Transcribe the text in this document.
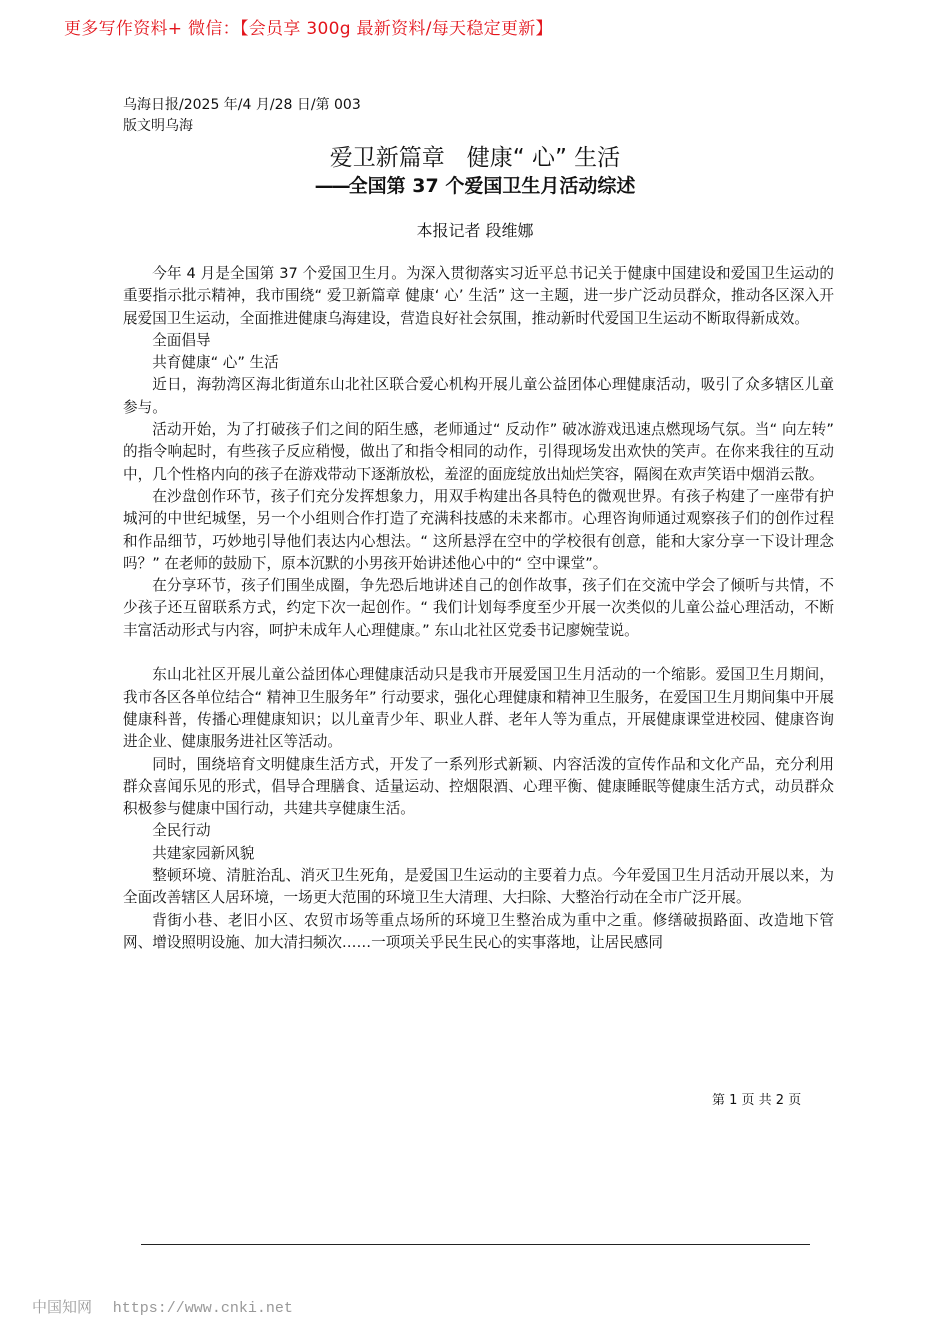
更多写作资料+ 微信：【会员享 300g 最新资料/每天稳定更新】
乌海日报/2025 年/4 月/28 日/第 003
版文明乌海
爱卫新篇章   健康“ 心” 生活
——全国第 37 个爱国卫生月活动综述
本报记者 段维娜

今年 4 月是全国第 37 个爱国卫生月。为深入贯彻落实习近平总书记关于健康中国建设和爱国卫生运动的重要指示批示精神，我市围绕“ 爱卫新篇章 健康‘ 心’ 生活” 这一主题，进一步广泛动员群众，推动各区深入开展爱国卫生运动，全面推进健康乌海建设，营造良好社会氛围，推动新时代爱国卫生运动不断取得新成效。

全面倡导

共育健康“ 心” 生活

近日，海勃湾区海北街道东山北社区联合爱心机构开展儿童公益团体心理健康活动，吸引了众多辖区儿童参与。

活动开始，为了打破孩子们之间的陌生感，老师通过“ 反动作” 破冰游戏迅速点燃现场气氛。当“ 向左转” 的指令响起时，有些孩子反应稍慢，做出了和指令相同的动作，引得现场发出欢快的笑声。在你来我往的互动中，几个性格内向的孩子在游戏带动下逐渐放松，羞涩的面庞绽放出灿烂笑容，隔阂在欢声笑语中烟消云散。

在沙盘创作环节，孩子们充分发挥想象力，用双手构建出各具特色的微观世界。有孩子构建了一座带有护城河的中世纪城堡，另一个小组则合作打造了充满科技感的未来都市。心理咨询师通过观察孩子们的创作过程和作品细节，巧妙地引导他们表达内心想法。“ 这所悬浮在空中的学校很有创意，能和大家分享一下设计理念吗？” 在老师的鼓励下，原本沉默的小男孩开始讲述他心中的“ 空中课堂”。

在分享环节，孩子们围坐成圈，争先恐后地讲述自己的创作故事，孩子们在交流中学会了倾听与共情，不少孩子还互留联系方式，约定下次一起创作。“ 我们计划每季度至少开展一次类似的儿童公益心理活动，不断丰富活动形式与内容，呵护未成年人心理健康。” 东山北社区党委书记廖婉莹说。

东山北社区开展儿童公益团体心理健康活动只是我市开展爱国卫生月活动的一个缩影。爱国卫生月期间，我市各区各单位结合“ 精神卫生服务年” 行动要求，强化心理健康和精神卫生服务，在爱国卫生月期间集中开展健康科普，传播心理健康知识；以儿童青少年、职业人群、老年人等为重点，开展健康课堂进校园、健康咨询进企业、健康服务进社区等活动。

同时，围绕培育文明健康生活方式，开发了一系列形式新颖、内容活泼的宣传作品和文化产品，充分利用群众喜闻乐见的形式，倡导合理膳食、适量运动、控烟限酒、心理平衡、健康睡眠等健康生活方式，动员群众积极参与健康中国行动，共建共享健康生活。

全民行动

共建家园新风貌

整顿环境、清脏治乱、消灭卫生死角，是爱国卫生运动的主要着力点。今年爱国卫生月活动开展以来，为全面改善辖区人居环境，一场更大范围的环境卫生大清理、大扫除、大整治行动在全市广泛开展。

背街小巷、老旧小区、农贸市场等重点场所的环境卫生整治成为重中之重。修缮破损路面、改造地下管网、增设照明设施、加大清扫频次……一项项关乎民生民心的实事落地，让居民感同

第 1 页 共 2 页
中国知网 https://www.cnki.net
